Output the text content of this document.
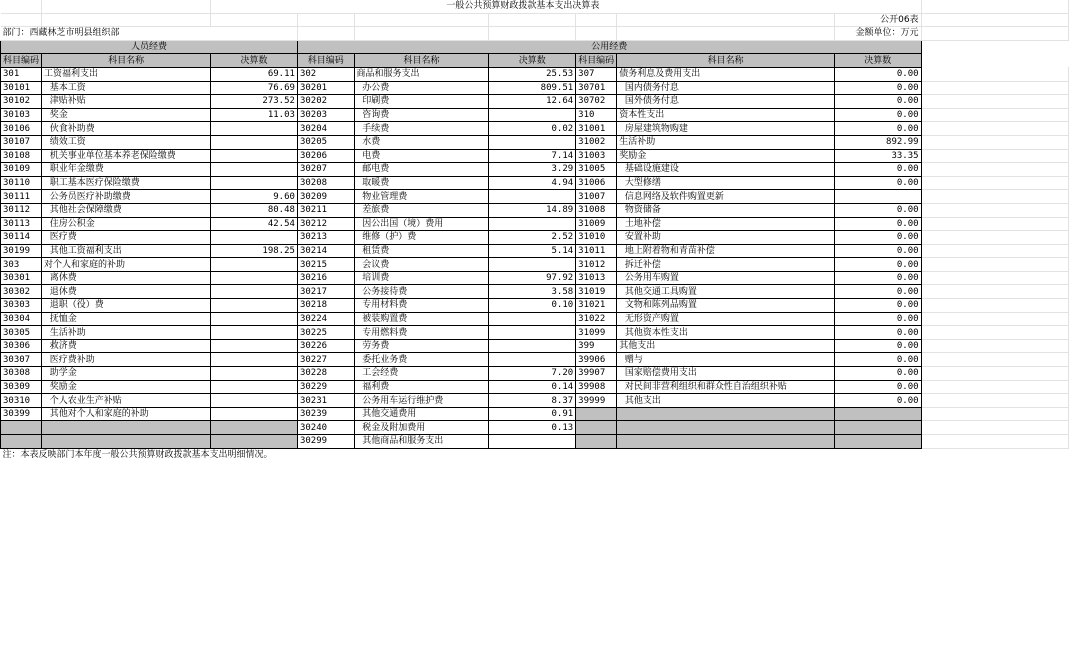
		一般公共预算财政拨款基本支出决算表							
								公开06表	
部门：西藏林芝市明县组织部								金额单位：万元	
人员经费			公用经费						
科目编码	科目名称	决算数	科目编码	科目名称	决算数	科目编码	科目名称	决算数	
301	工资福利支出	69.11	302	商品和服务支出	25.53	307	债务利息及费用支出	0.00	
30101	基本工资	76.69	30201	办公费	809.51	30701	国内债务付息	0.00	
30102	津贴补贴	273.52	30202	印刷费	12.64	30702	国外债务付息	0.00	
30103	奖金	11.03	30203	咨询费		310	资本性支出	0.00	
30106	伙食补助费		30204	手续费	0.02	31001	房屋建筑物购建	0.00	
30107	绩效工资		30205	水费		31002	生活补助	892.99	
30108	机关事业单位基本养老保险缴费		30206	电费	7.14	31003	奖励金	33.35	
30109	职业年金缴费		30207	邮电费	3.29	31005	基础设施建设	0.00	
30110	职工基本医疗保险缴费		30208	取暖费	4.94	31006	大型修缮	0.00	
30111	公务员医疗补助缴费	9.60	30209	物业管理费		31007	信息网络及软件购置更新		
30112	其他社会保障缴费	80.48	30211	差旅费	14.89	31008	物资储备	0.00	
30113	住房公积金	42.54	30212	因公出国（境）费用		31009	土地补偿	0.00	
30114	医疗费		30213	维修（护）费	2.52	31010	安置补助	0.00	
30199	其他工资福利支出	198.25	30214	租赁费	5.14	31011	地上附着物和青苗补偿	0.00	
303	对个人和家庭的补助		30215	会议费		31012	拆迁补偿	0.00	
30301	离休费		30216	培训费	97.92	31013	公务用车购置	0.00	
30302	退休费		30217	公务接待费	3.58	31019	其他交通工具购置	0.00	
30303	退职（役）费		30218	专用材料费	0.10	31021	文物和陈列品购置	0.00	
30304	抚恤金		30224	被装购置费		31022	无形资产购置	0.00	
30305	生活补助		30225	专用燃料费		31099	其他资本性支出	0.00	
30306	救济费		30226	劳务费		399	其他支出	0.00	
30307	医疗费补助		30227	委托业务费		39906	赠与	0.00	
30308	助学金		30228	工会经费	7.20	39907	国家赔偿费用支出	0.00	
30309	奖励金		30229	福利费	0.14	39908	对民间非营利组织和群众性自治组织补贴	0.00	
30310	个人农业生产补贴		30231	公务用车运行维护费	8.37	39999	其他支出	0.00	
30399	其他对个人和家庭的补助		30239	其他交通费用	0.91				
			30240	税金及附加费用	0.13				
			30299	其他商品和服务支出					
注：本表反映部门本年度一般公共预算财政拨款基本支出明细情况。									
